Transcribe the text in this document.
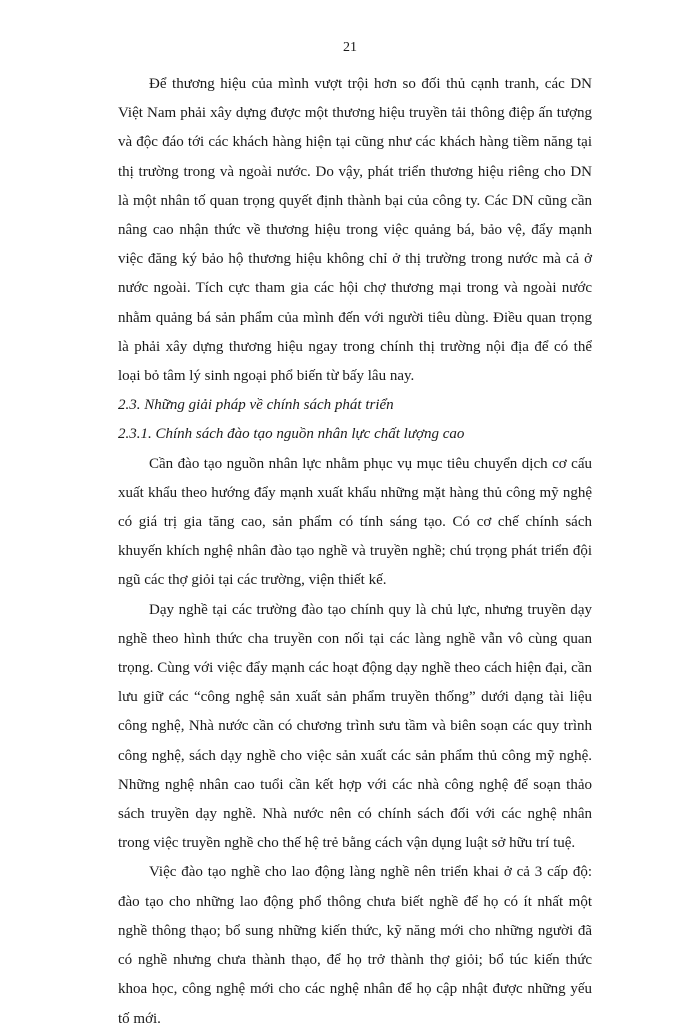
21

Để thương hiệu của mình vượt trội hơn so đối thủ cạnh tranh, các DN Việt Nam phải xây dựng được một thương hiệu truyền tải thông điệp ấn tượng và độc đáo tới các khách hàng hiện tại cũng như các khách hàng tiềm năng tại thị trường trong và ngoài nước. Do vậy, phát triển thương hiệu riêng cho DN là một nhân tố quan trọng quyết định thành bại của công ty. Các DN cũng cần nâng cao nhận thức về thương hiệu trong việc quảng bá, bảo vệ, đẩy mạnh việc đăng ký bảo hộ thương hiệu không chỉ ở thị trường trong nước mà cả ở nước ngoài. Tích cực tham gia các hội chợ thương mại trong và ngoài nước nhằm quảng bá sản phẩm của mình đến với người tiêu dùng. Điều quan trọng là phải xây dựng thương hiệu ngay trong chính thị trường nội địa để có thể loại bỏ tâm lý sinh ngoại phổ biến từ bấy lâu nay.

2.3. Những giải pháp về chính sách phát triển

2.3.1. Chính sách đào tạo nguồn nhân lực chất lượng cao

Cần đào tạo nguồn nhân lực nhằm phục vụ mục tiêu chuyển dịch cơ cấu xuất khẩu theo hướng đẩy mạnh xuất khẩu những mặt hàng thủ công mỹ nghệ có giá trị gia tăng cao, sản phẩm có tính sáng tạo. Có cơ chế chính sách khuyến khích nghệ nhân đào tạo nghề và truyền nghề; chú trọng phát triển đội ngũ các thợ giỏi tại các trường, viện thiết kế.

Dạy nghề tại các trường đào tạo chính quy là chủ lực, nhưng truyền dạy nghề theo hình thức cha truyền con nối tại các làng nghề vẫn vô cùng quan trọng. Cùng với việc đẩy mạnh các hoạt động dạy nghề theo cách hiện đại, cần lưu giữ các “công nghệ sản xuất sản phẩm truyền thống” dưới dạng tài liệu công nghệ, Nhà nước cần có chương trình sưu tầm và biên soạn các quy trình công nghệ, sách dạy nghề cho việc sản xuất các sản phẩm thủ công mỹ nghệ. Những nghệ nhân cao tuổi cần kết hợp với các nhà công nghệ để soạn thảo sách truyền dạy nghề. Nhà nước nên có chính sách đối với các nghệ nhân trong việc truyền nghề cho thế hệ trẻ bằng cách vận dụng luật sở hữu trí tuệ.

Việc đào tạo nghề cho lao động làng nghề nên triển khai ở cả 3 cấp độ: đào tạo cho những lao động phổ thông chưa biết nghề để họ có ít nhất một nghề thông thạo; bổ sung những kiến thức, kỹ năng mới cho những người đã có nghề nhưng chưa thành thạo, để họ trở thành thợ giỏi; bổ túc kiến thức khoa học, công nghệ mới cho các nghệ nhân để họ cập nhật được những yếu tố mới.
